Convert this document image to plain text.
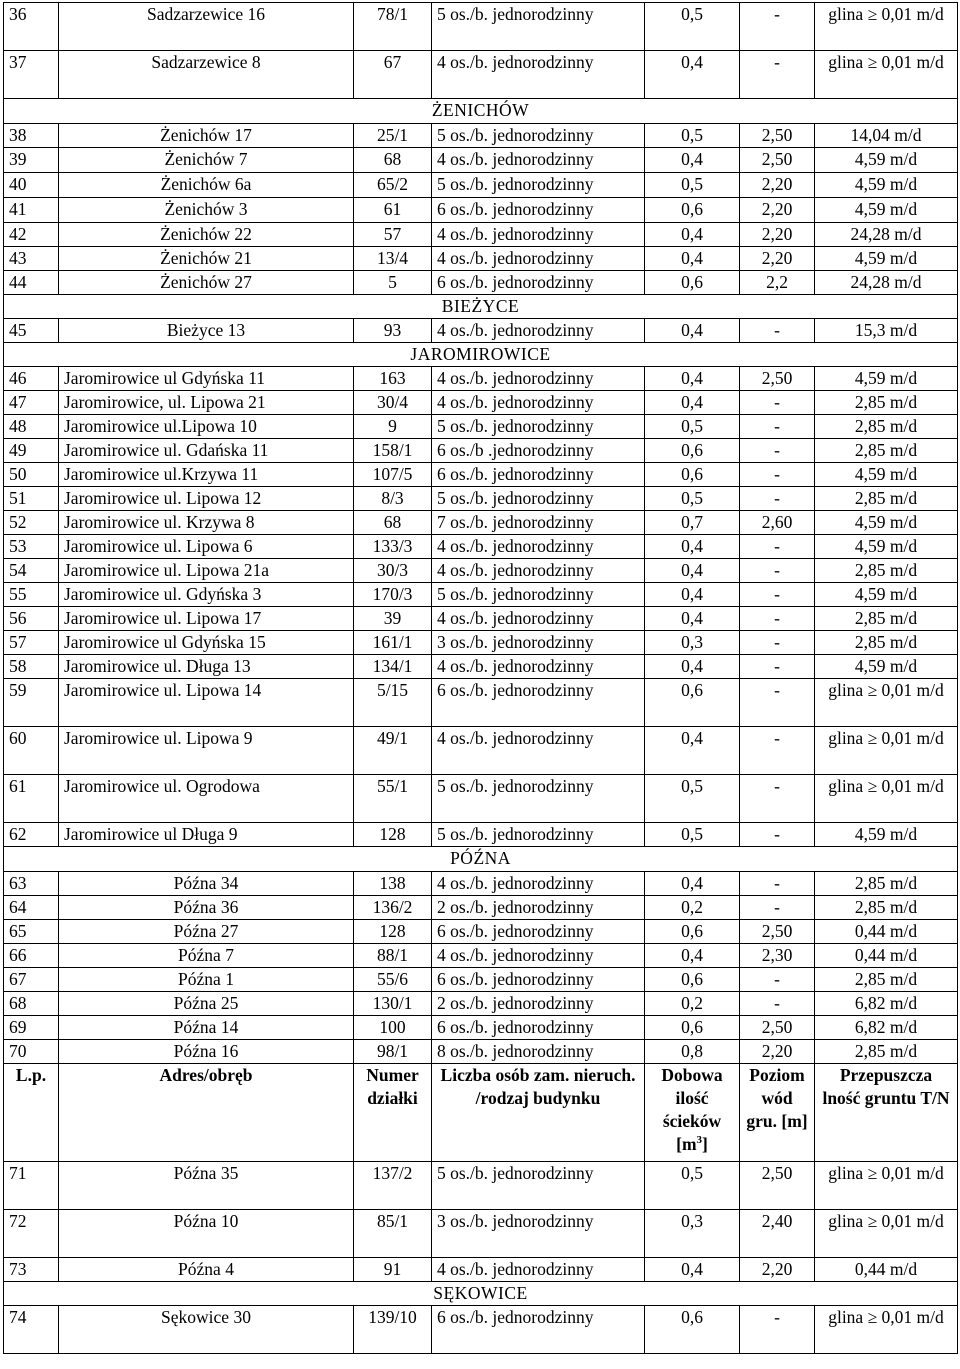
36	Sadzarzewice 16	78/1	5 os./b. jednorodzinny	0,5	-	glina ≥ 0,01 m/d
37	Sadzarzewice 8	67	4 os./b. jednorodzinny	0,4	-	glina ≥ 0,01 m/d
ŻENICHÓW						
38	Żenichów 17	25/1	5 os./b. jednorodzinny	0,5	2,50	14,04 m/d
39	Żenichów 7	68	4 os./b. jednorodzinny	0,4	2,50	4,59 m/d
40	Żenichów 6a	65/2	5 os./b. jednorodzinny	0,5	2,20	4,59 m/d
41	Żenichów 3	61	6 os./b. jednorodzinny	0,6	2,20	4,59 m/d
42	Żenichów 22	57	4 os./b. jednorodzinny	0,4	2,20	24,28 m/d
43	Żenichów 21	13/4	4 os./b. jednorodzinny	0,4	2,20	4,59 m/d
44	Żenichów 27	5	6 os./b. jednorodzinny	0,6	2,2	24,28 m/d
BIEŻYCE						
45	Bieżyce 13	93	4 os./b. jednorodzinny	0,4	-	15,3 m/d
JAROMIROWICE						
46	Jaromirowice ul Gdyńska 11	163	4 os./b. jednorodzinny	0,4	2,50	4,59 m/d
47	Jaromirowice, ul. Lipowa 21	30/4	4 os./b. jednorodzinny	0,4	-	2,85 m/d
48	Jaromirowice ul.Lipowa 10	9	5 os./b. jednorodzinny	0,5	-	2,85 m/d
49	Jaromirowice ul. Gdańska 11	158/1	6 os./b .jednorodzinny	0,6	-	2,85 m/d
50	Jaromirowice ul.Krzywa 11	107/5	6 os./b. jednorodzinny	0,6	-	4,59 m/d
51	Jaromirowice ul. Lipowa 12	8/3	5 os./b. jednorodzinny	0,5	-	2,85 m/d
52	Jaromirowice ul. Krzywa 8	68	7 os./b. jednorodzinny	0,7	2,60	4,59 m/d
53	Jaromirowice ul. Lipowa 6	133/3	4 os./b. jednorodzinny	0,4	-	4,59 m/d
54	Jaromirowice ul. Lipowa 21a	30/3	4 os./b. jednorodzinny	0,4	-	2,85 m/d
55	Jaromirowice ul. Gdyńska 3	170/3	5 os./b. jednorodzinny	0,4	-	4,59 m/d
56	Jaromirowice ul. Lipowa 17	39	4 os./b. jednorodzinny	0,4	-	2,85 m/d
57	Jaromirowice ul Gdyńska 15	161/1	3 os./b. jednorodzinny	0,3	-	2,85 m/d
58	Jaromirowice ul. Długa 13	134/1	4 os./b. jednorodzinny	0,4	-	4,59 m/d
59	Jaromirowice ul. Lipowa 14	5/15	6 os./b. jednorodzinny	0,6	-	glina ≥ 0,01 m/d
60	Jaromirowice ul. Lipowa 9	49/1	4 os./b. jednorodzinny	0,4	-	glina ≥ 0,01 m/d
61	Jaromirowice ul. Ogrodowa	55/1	5 os./b. jednorodzinny	0,5	-	glina ≥ 0,01 m/d
62	Jaromirowice ul Długa 9	128	5 os./b. jednorodzinny	0,5	-	4,59 m/d
PÓŹNA						
63	Późna 34	138	4 os./b. jednorodzinny	0,4	-	2,85 m/d
64	Późna 36	136/2	2 os./b. jednorodzinny	0,2	-	2,85 m/d
65	Późna 27	128	6 os./b. jednorodzinny	0,6	2,50	0,44 m/d
66	Późna 7	88/1	4 os./b. jednorodzinny	0,4	2,30	0,44 m/d
67	Późna 1	55/6	6 os./b. jednorodzinny	0,6	-	2,85 m/d
68	Późna 25	130/1	2 os./b. jednorodzinny	0,2	-	6,82 m/d
69	Późna 14	100	6 os./b. jednorodzinny	0,6	2,50	6,82 m/d
70	Późna 16	98/1	8 os./b. jednorodzinny	0,8	2,20	2,85 m/d
L.p.	Adres/obręb	Numer działki	Liczba osób zam. nieruch. /rodzaj budynku	Dobowa ilość ścieków $[m^3]$	Poziom wód gru. [m]	Przepuszcza lność gruntu T/N
71	Późna 35	137/2	5 os./b. jednorodzinny	0,5	2,50	glina ≥ 0,01 m/d
72	Późna 10	85/1	3 os./b. jednorodzinny	0,3	2,40	glina ≥ 0,01 m/d
73	Późna 4	91	4 os./b. jednorodzinny	0,4	2,20	0,44 m/d
SĘKOWICE						
74	Sękowice 30	139/10	6 os./b. jednorodzinny	0,6	-	glina ≥ 0,01 m/d
